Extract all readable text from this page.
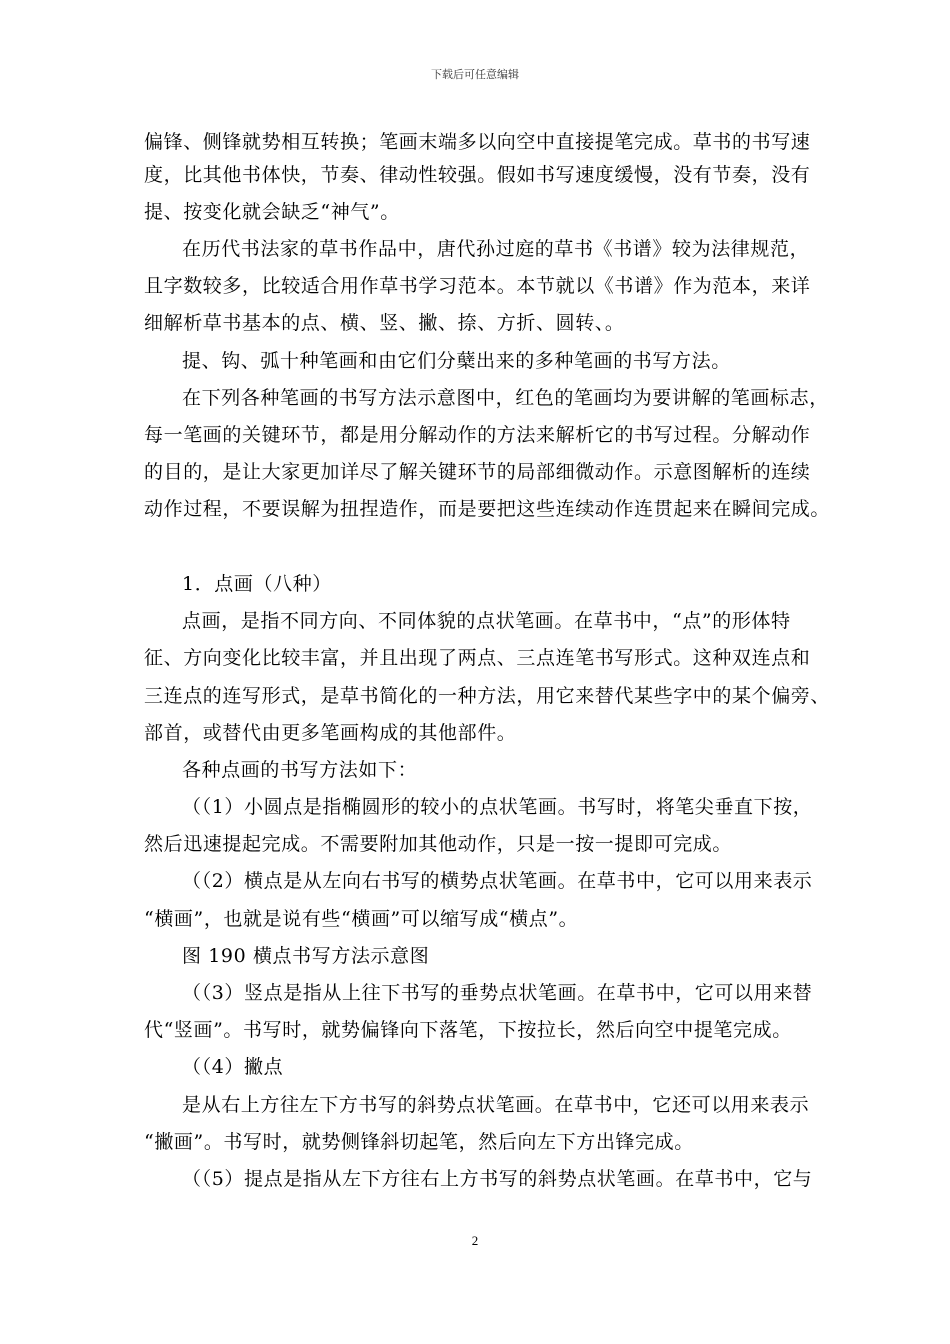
下载后可任意编辑
偏锋、侧锋就势相互转换；笔画末端多以向空中直接提笔完成。草书的书写速
度，比其他书体快，节奏、律动性较强。假如书写速度缓慢，没有节奏，没有
提、按变化就会缺乏“神气”。
在历代书法家的草书作品中，唐代孙过庭的草书《书谱》较为法律规范，
且字数较多，比较适合用作草书学习范本。本节就以《书谱》作为范本，来详
细解析草书基本的点、横、竖、撇、捺、方折、圆转、。
提、钩、弧十种笔画和由它们分蘖出来的多种笔画的书写方法。
在下列各种笔画的书写方法示意图中，红色的笔画均为要讲解的笔画标志，
每一笔画的关键环节，都是用分解动作的方法来解析它的书写过程。分解动作
的目的，是让大家更加详尽了解关键环节的局部细微动作。示意图解析的连续
动作过程，不要误解为扭捏造作，而是要把这些连续动作连贯起来在瞬间完成。
1．点画（八种）
点画，是指不同方向、不同体貌的点状笔画。在草书中，“点”的形体特
征、方向变化比较丰富，并且出现了两点、三点连笔书写形式。这种双连点和
三连点的连写形式，是草书简化的一种方法，用它来替代某些字中的某个偏旁、
部首，或替代由更多笔画构成的其他部件。
各种点画的书写方法如下：
（（1）小圆点是指椭圆形的较小的点状笔画。书写时，将笔尖垂直下按，
然后迅速提起完成。不需要附加其他动作，只是一按一提即可完成。
（（2）横点是从左向右书写的横势点状笔画。在草书中，它可以用来表示
“横画”，也就是说有些“横画”可以缩写成“横点”。
图 190 横点书写方法示意图
（（3）竖点是指从上往下书写的垂势点状笔画。在草书中，它可以用来替
代“竖画”。书写时，就势偏锋向下落笔，下按拉长，然后向空中提笔完成。
（（4）撇点
是从右上方往左下方书写的斜势点状笔画。在草书中，它还可以用来表示
“撇画”。书写时，就势侧锋斜切起笔，然后向左下方出锋完成。
（（5）提点是指从左下方往右上方书写的斜势点状笔画。在草书中，它与
2
